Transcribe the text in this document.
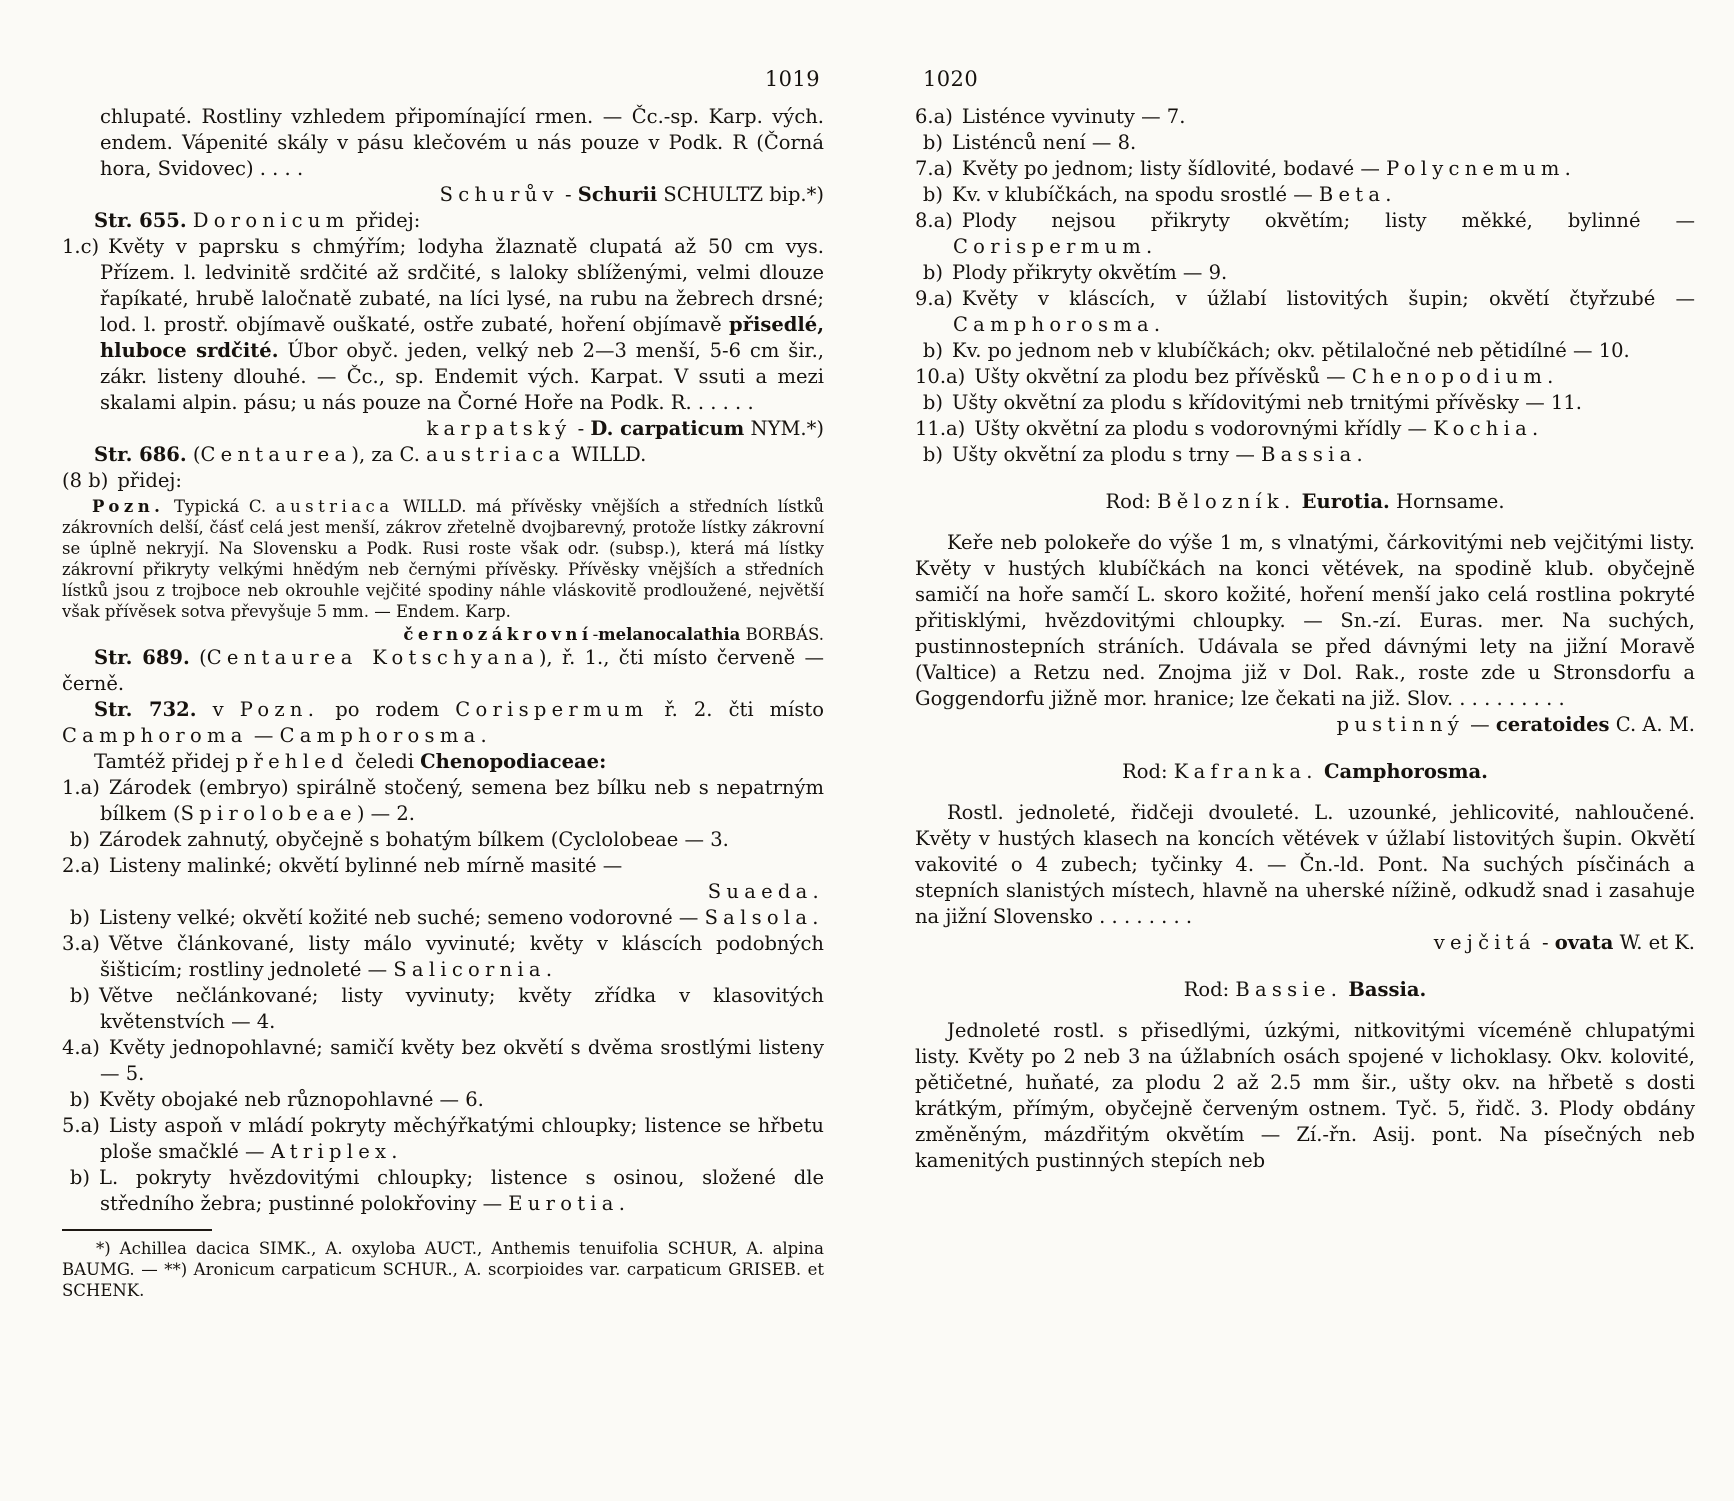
1019
chlupaté. Rostliny vzhledem připomínající rmen. — Čc.-sp. Karp. vých. endem. Vápenité skály v pásu klečovém u nás pouze v Podk. R (Čorná hora, Svidovec) . . . .
Schurův - Schurii SCHULTZ bip.*)
Str. 655. Doronicum přidej:
1.c) Květy v paprsku s chmýřím; lodyha žlaznatě clupatá až 50 cm vys. Přízem. l. ledvinitě srdčité až srdčité, s laloky sblíženými, velmi dlouze řapíkaté, hrubě laločnatě zubaté, na líci lysé, na rubu na žebrech drsné; lod. l. prostř. objímavě ouškaté, ostře zubaté, hoření objímavě přisedlé, hluboce srdčité. Úbor obyč. jeden, velký neb 2—3 menší, 5-6 cm šir., zákr. listeny dlouhé. — Čc., sp. Endemit vých. Karpat. V ssuti a mezi skalami alpin. pásu; u nás pouze na Čorné Hoře na Podk. R. . . . . .
karpatský - D. carpaticum NYM.*)
Str. 686. (Centaurea), za C. austriaca WILLD.
(8 b) přidej:
Pozn. Typická C. austriaca WILLD. má přívěsky vnějších a středních lístků zákrovních delší, čásť celá jest menší, zákrov zřetelně dvojbarevný, protože lístky zákrovní se úplně nekryjí. Na Slovensku a Podk. Rusi roste však odr. (subsp.), která má lístky zákrovní přikryty velkými hnědým neb černými přívěsky. Přívěsky vnějších a středních lístků jsou z trojboce neb okrouhle vejčité spodiny náhle vláskovitě prodloužené, největší však přívěsek sotva převyšuje 5 mm. — Endem. Karp.
černozákrovní-melanocalathia BORBÁS.
Str. 689. (Centaurea Kotschyana), ř. 1., čti místo červeně — černě.
Str. 732. v Pozn. po rodem Corispermum ř. 2. čti místo Camphoroma — Camphorosma.
Tamtéž přidej přehled čeledi Chenopodiaceae:
1.a) Zárodek (embryo) spirálně stočený, semena bez bílku neb s nepatrným bílkem (Spirolobeae) — 2.
b) Zárodek zahnutý, obyčejně s bohatým bílkem (Cyclolobeae — 3.
2.a) Listeny malinké; okvětí bylinné neb mírně masité —
Suaeda.
b) Listeny velké; okvětí kožité neb suché; semeno vodorovné — Salsola.
3.a) Větve článkované, listy málo vyvinuté; květy v kláscích podobných šišticím; rostliny jednoleté — Salicornia.
b) Větve nečlánkované; listy vyvinuty; květy zřídka v klasovitých květenstvích — 4.
4.a) Květy jednopohlavné; samičí květy bez okvětí s dvěma srostlými listeny — 5.
b) Květy obojaké neb různopohlavné — 6.
5.a) Listy aspoň v mládí pokryty měchýřkatými chloupky; listence se hřbetu ploše smačklé — Atriplex.
b) L. pokryty hvězdovitými chloupky; listence s osinou, složené dle středního žebra; pustinné polokřoviny — Eurotia.
*) Achillea dacica SIMK., A. oxyloba AUCT., Anthemis tenuifolia SCHUR, A. alpina BAUMG. — **) Aronicum carpaticum SCHUR., A. scorpioides var. carpaticum GRISEB. et SCHENK.
1020
6.a) Listénce vyvinuty — 7.
b) Listénců není — 8.
7.a) Květy po jednom; listy šídlovité, bodavé — Polycnemum.
b) Kv. v klubíčkách, na spodu srostlé — Beta.
8.a) Plody nejsou přikryty okvětím; listy měkké, bylinné — Corispermum.
b) Plody přikryty okvětím — 9.
9.a) Květy v kláscích, v úžlabí listovitých šupin; okvětí čtyřzubé — Camphorosma.
b) Kv. po jednom neb v klubíčkách; okv. pětilaločné neb pětidílné — 10.
10.a) Ušty okvětní za plodu bez přívěsků — Chenopodium.
b) Ušty okvětní za plodu s křídovitými neb trnitými přívěsky — 11.
11.a) Ušty okvětní za plodu s vodorovnými křídly — Kochia.
b) Ušty okvětní za plodu s trny — Bassia.
Rod: Bělozník. Eurotia. Hornsame.
Keře neb polokeře do výše 1 m, s vlnatými, čárkovitými neb vejčitými listy. Květy v hustých klubíčkách na konci větévek, na spodině klub. obyčejně samičí na hoře samčí L. skoro kožité, hoření menší jako celá rostlina pokryté přitisklými, hvězdovitými chloupky. — Sn.-zí. Euras. mer. Na suchých, pustinnostepních stráních. Udávala se před dávnými lety na jižní Moravě (Valtice) a Retzu ned. Znojma již v Dol. Rak., roste zde u Stronsdorfu a Goggendorfu jižně mor. hranice; lze čekati na již. Slov. . . . . . . . . .
pustinný — ceratoides C. A. M.
Rod: Kafranka. Camphorosma.
Rostl. jednoleté, řidčeji dvouleté. L. uzounké, jehlicovité, nahloučené. Květy v hustých klasech na koncích větévek v úžlabí listovitých šupin. Okvětí vakovité o 4 zubech; tyčinky 4. — Čn.-ld. Pont. Na suchých písčinách a stepních slanistých místech, hlavně na uherské nížině, odkudž snad i zasahuje na jižní Slovensko . . . . . . . .
vejčitá - ovata W. et K.
Rod: Bassie. Bassia.
Jednoleté rostl. s přisedlými, úzkými, nitkovitými víceméně chlupatými listy. Květy po 2 neb 3 na úžlabních osách spojené v lichoklasy. Okv. kolovité, pětičetné, huňaté, za plodu 2 až 2.5 mm šir., ušty okv. na hřbetě s dosti krátkým, přímým, obyčejně červeným ostnem. Tyč. 5, řidč. 3. Plody obdány změněným, mázdřitým okvětím — Zí.-řn. Asij. pont. Na písečných neb kamenitých pustinných stepích neb
